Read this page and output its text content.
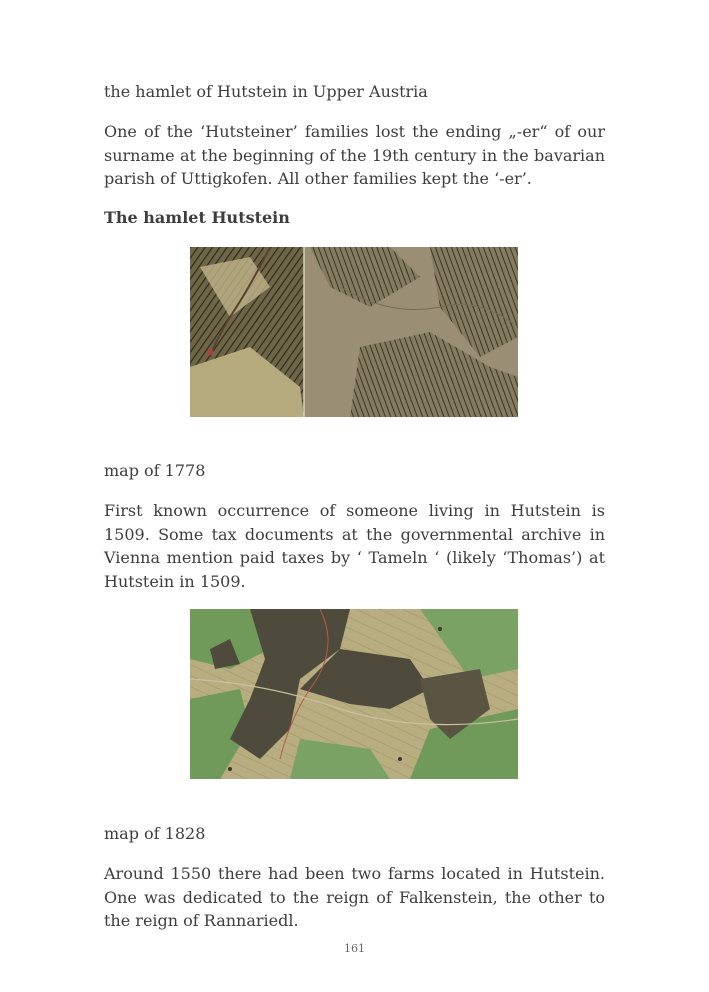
the hamlet of Hutstein in Upper Austria

One of the ‘Hutsteiner’ families lost the ending „-er“ of our surname at the beginning of the 19th century in the bavarian parish of Uttigkofen. All other families kept the ‘-er’.

The hamlet Hutstein

map of 1778

First known occurrence of someone living in Hutstein is 1509. Some tax documents at the governmental archive in Vienna mention paid taxes by ‘ Tameln ‘ (likely ‘Thomas’) at Hutstein in 1509.

map of 1828

Around 1550 there had been two farms located in Hutstein. One was dedicated to the reign of Falkenstein, the other to the reign of Rannariedl.

161
